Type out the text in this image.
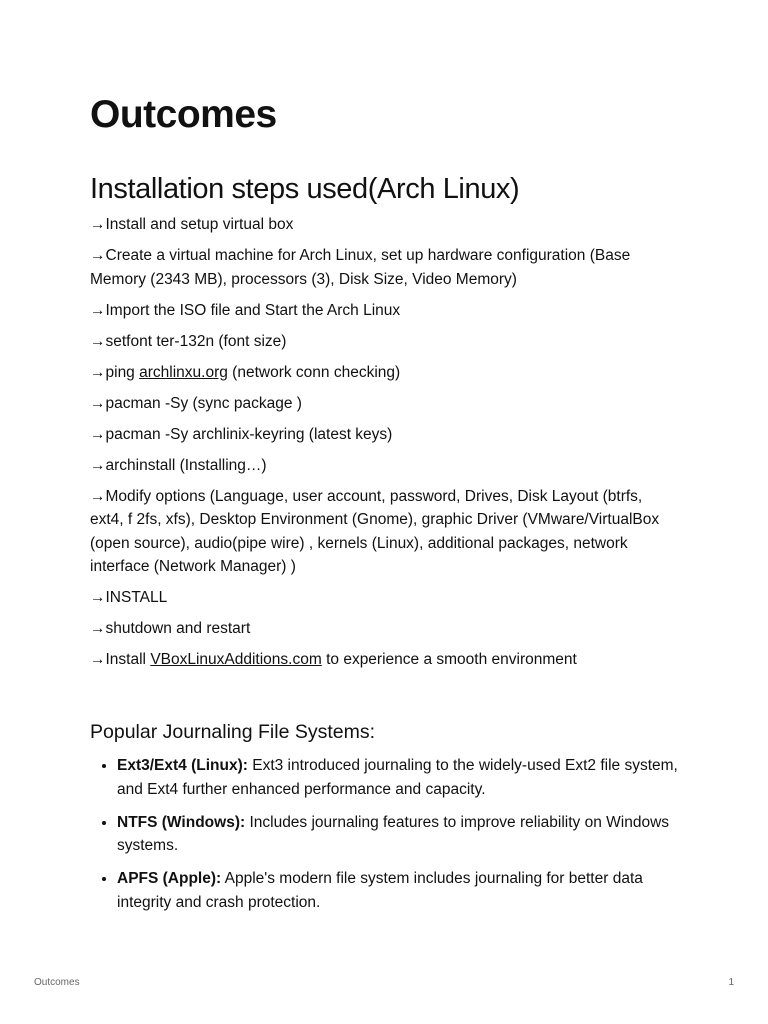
Outcomes
Installation steps used(Arch Linux)
→Install and setup virtual box
→Create a virtual machine for Arch Linux, set up hardware configuration (Base Memory (2343 MB), processors (3), Disk Size, Video Memory)
→Import the ISO file and Start the Arch Linux
→setfont ter-132n (font size)
→ping archlinxu.org (network conn checking)
→pacman -Sy (sync package )
→pacman -Sy archlinix-keyring (latest keys)
→archinstall (Installing…)
→Modify options (Language, user account, password, Drives, Disk Layout (btrfs, ext4, f 2fs, xfs), Desktop Environment (Gnome), graphic Driver (VMware/VirtualBox (open source), audio(pipe wire) , kernels (Linux), additional packages, network interface (Network Manager) )
→INSTALL
→shutdown and restart
→Install VBoxLinuxAdditions.com to experience a smooth environment
Popular Journaling File Systems:
• Ext3/Ext4 (Linux): Ext3 introduced journaling to the widely-used Ext2 file system, and Ext4 further enhanced performance and capacity.
• NTFS (Windows): Includes journaling features to improve reliability on Windows systems.
• APFS (Apple): Apple's modern file system includes journaling for better data integrity and crash protection.
Outcomes	1
